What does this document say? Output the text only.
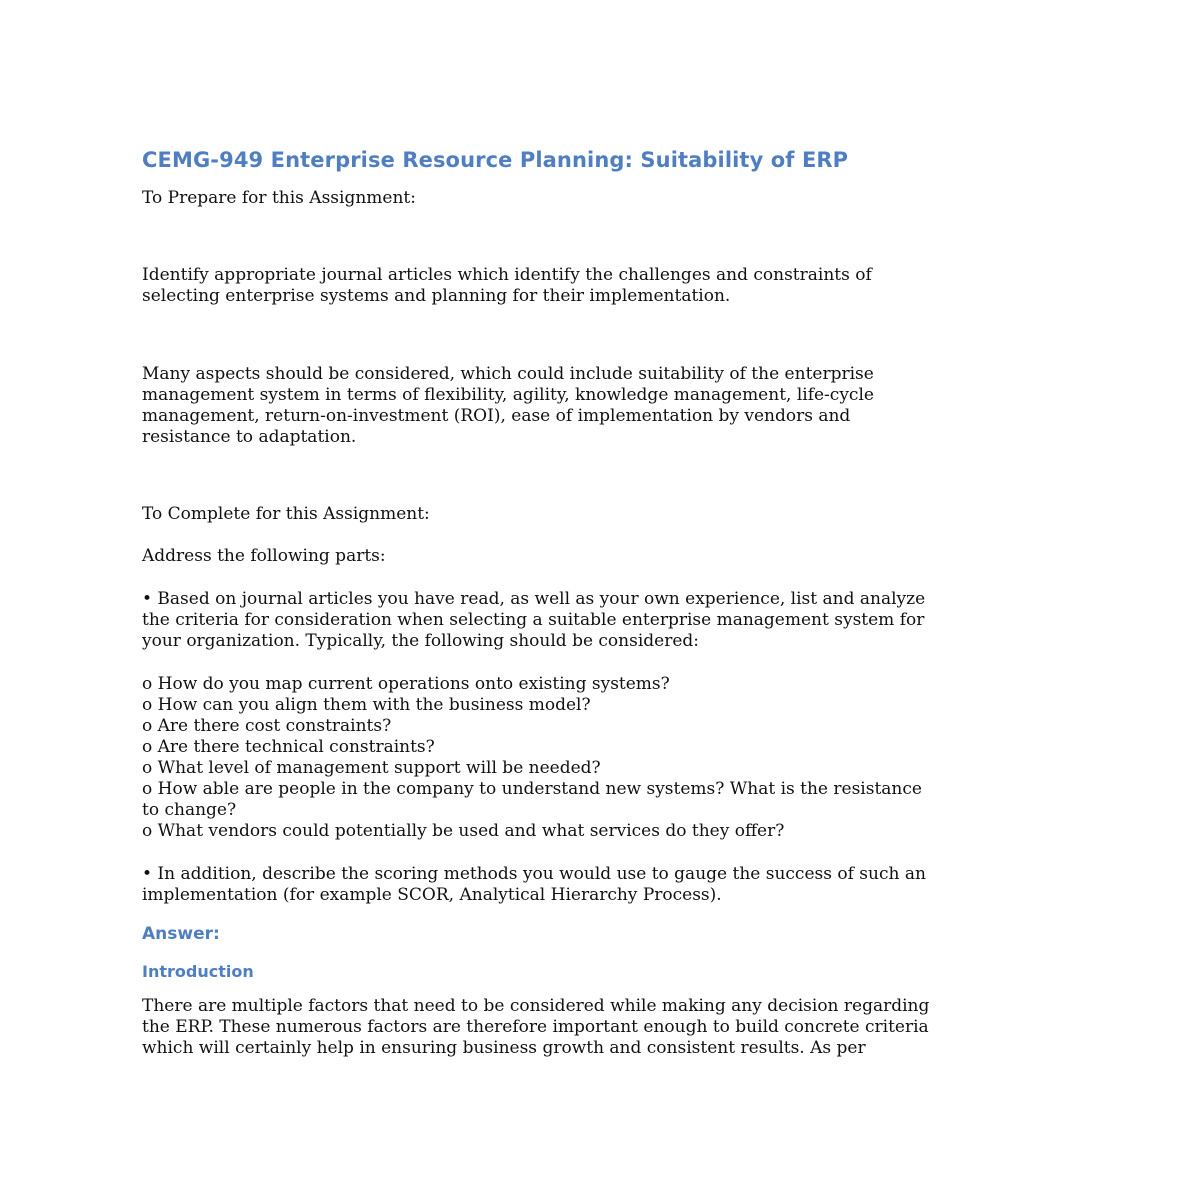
CEMG-949 Enterprise Resource Planning: Suitability of ERP

To Prepare for this Assignment:

Identify appropriate journal articles which identify the challenges and constraints of
selecting enterprise systems and planning for their implementation.

Many aspects should be considered, which could include suitability of the enterprise
management system in terms of flexibility, agility, knowledge management, life-cycle
management, return-on-investment (ROI), ease of implementation by vendors and
resistance to adaptation.

To Complete for this Assignment:

Address the following parts:

• Based on journal articles you have read, as well as your own experience, list and analyze
the criteria for consideration when selecting a suitable enterprise management system for
your organization. Typically, the following should be considered:

o How do you map current operations onto existing systems?
o How can you align them with the business model?
o Are there cost constraints?
o Are there technical constraints?
o What level of management support will be needed?
o How able are people in the company to understand new systems? What is the resistance
to change?
o What vendors could potentially be used and what services do they offer?

• In addition, describe the scoring methods you would use to gauge the success of such an
implementation (for example SCOR, Analytical Hierarchy Process).

Answer:
Introduction

There are multiple factors that need to be considered while making any decision regarding
the ERP. These numerous factors are therefore important enough to build concrete criteria
which will certainly help in ensuring business growth and consistent results. As per
